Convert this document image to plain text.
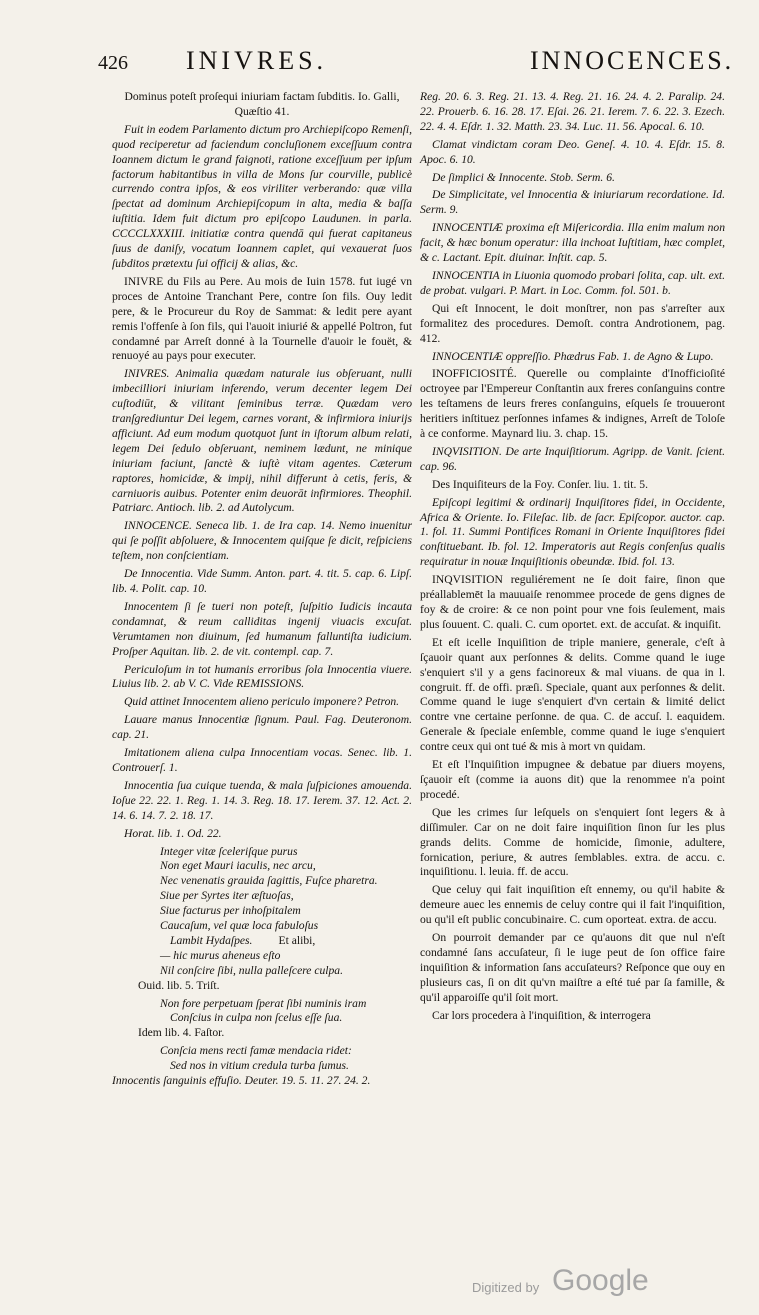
426 INIVRES.	INNOCENCES.

Dominus poteſt proſequi iniuriam factam ſubditis. Io. Galli, Quæſtio 41.

Fuit in eodem Parlamento dictum pro Archiepiſcopo Remenſi, quod reciperetur ad faciendum concluſionem exceſſuum contra Ioannem dictum le grand faignoti, ratione exceſſuum per ipſum factorum habitantibus in villa de Mons ſur courville, publicè currendo contra ipſos, & eos viriliter verberando: quæ villa ſpectat ad dominum Archiepiſcopum in alta, media & baſſa iuſtitia. Idem fuit dictum pro epiſcopo Laudunen. in parla. CCCCLXXXIII. initiatiæ contra quendā qui fuerat capitaneus ſuus de daniſy, vocatum Ioannem caplet, qui vexauerat ſuos ſubditos prætextu ſui officij & alias, &c.

INIVRE du Fils au Pere. Au mois de Iuin 1578. fut iugé vn proces de Antoine Tranchant Pere, contre ſon fils. Ouy ledit pere, & le Procureur du Roy de Sammat: & ledit pere ayant remis l'offenſe à ſon fils, qui l'auoit iniurié & appellé Poltron, fut condamné par Arreſt donné à la Tournelle d'auoir le fouët, & renuoyé au pays pour executer.

INIVRES. Animalia quædam naturale ius obſeruant, nulli imbecilliori iniuriam inferendo, verum decenter legem Dei cuſtodiūt, & vilitant ſeminibus terræ. Quædam vero tranſgrediuntur Dei legem, carnes vorant, & infirmiora iniurijs afficiunt. Ad eum modum quotquot ſunt in iſtorum album relati, legem Dei ſedulo obſeruant, neminem lædunt, ne minique iniuriam faciunt, ſanctè & iuſtè vitam agentes. Cæterum raptores, homicidæ, & impij, nihil differunt à cetis, feris, & carniuoris auibus. Potenter enim deuorāt infirmiores. Theophil. Patriarc. Antioch. lib. 2. ad Autolycum.

INNOCENCE. Seneca lib. 1. de Ira cap. 14. Nemo inuenitur qui ſe poſſit abſoluere, & Innocentem quiſque ſe dicit, reſpiciens teſtem, non conſcientiam.

De Innocentia. Vide Summ. Anton. part. 4. tit. 5. cap. 6. Lipſ. lib. 4. Polit. cap. 10.

Innocentem ſi ſe tueri non poteſt, ſuſpitio Iudicis incauta condamnat, & reum calliditas ingenij viuacis excuſat. Verumtamen non diuinum, ſed humanum falluntiſta iudicium. Proſper Aquitan. lib. 2. de vit. contempl. cap. 7.

Periculoſum in tot humanis erroribus ſola Innocentia viuere. Liuius lib. 2. ab V. C. Vide REMISSIONS.

Quid attinet Innocentem alieno periculo imponere? Petron.

Lauare manus Innocentiæ ſignum. Paul. Fag. Deuteronom. cap. 21.

Imitationem aliena culpa Innocentiam vocas. Senec. lib. 1. Controuerſ. 1.

Innocentia ſua cuique tuenda, & mala ſuſpiciones amouenda. Ioſue 22. 22. 1. Reg. 1. 14. 3. Reg. 18. 17. Ierem. 37. 12. Act. 2. 14. 6. 14. 7. 2. 18. 17.

Horat. lib. 1. Od. 22.

Integer vitæ ſceleriſque purus

Non eget Mauri iaculis, nec arcu,

Nec venenatis grauida ſagittis, Fuſce pharetra.

Siue per Syrtes iter æſtuoſas,

Siue facturus per inhoſpitalem

Caucaſum, vel quæ loca fabuloſus

Lambit Hydaſpes. Et alibi,

— hic murus aheneus eſto

Nil conſcire ſibi, nulla palleſcere culpa.

Ouid. lib. 5. Triſt.

Non fore perpetuam ſperat ſibi numinis iram

Conſcius in culpa non ſcelus eſſe ſua.

Idem lib. 4. Faſtor.

Conſcia mens recti famæ mendacia ridet:

Sed nos in vitium credula turba ſumus.

Innocentis ſanguinis effuſio. Deuter. 19. 5. 11. 27. 24. 2.

Reg. 20. 6. 3. Reg. 21. 13. 4. Reg. 21. 16. 24. 4. 2. Paralip. 24. 22. Prouerb. 6. 16. 28. 17. Eſai. 26. 21. Ierem. 7. 6. 22. 3. Ezech. 22. 4. 4. Eſdr. 1. 32. Matth. 23. 34. Luc. 11. 56. Apocal. 6. 10.

Clamat vindictam coram Deo. Geneſ. 4. 10. 4. Eſdr. 15. 8. Apoc. 6. 10.

De ſimplici & Innocente. Stob. Serm. 6.

De Simplicitate, vel Innocentia & iniuriarum recordatione. Id. Serm. 9.

INNOCENTIÆ proxima eſt Miſericordia. Illa enim malum non facit, & hæc bonum operatur: illa inchoat Iuſtitiam, hæc complet, & c. Lactant. Epit. diuinar. Inſtit. cap. 5.

INNOCENTIA in Liuonia quomodo probari ſolita, cap. ult. ext. de probat. vulgari. P. Mart. in Loc. Comm. fol. 501. b.

Qui eſt Innocent, le doit monſtrer, non pas s'arreſter aux formalitez des procedures. Demoſt. contra Androtionem, pag. 412.

INNOCENTIÆ oppreſſio. Phædrus Fab. 1. de Agno & Lupo.

INOFFICIOSITÉ. Querelle ou complainte d'Inofficioſité octroyee par l'Empereur Conſtantin aux freres conſanguins contre les teſtamens de leurs freres conſanguins, eſquels ſe trouueront heritiers inſtituez perſonnes infames & indignes, Arreſt de Toloſe à ce conforme. Maynard liu. 3. chap. 15.

INQVISITION. De arte Inquiſitiorum. Agripp. de Vanit. ſcient. cap. 96.

Des Inquiſiteurs de la Foy. Conſer. liu. 1. tit. 5.

Epiſcopi legitimi & ordinarij Inquiſitores fidei, in Occidente, Africa & Oriente. Io. Fileſac. lib. de ſacr. Epiſcopor. auctor. cap. 1. fol. 11. Summi Pontifices Romani in Oriente Inquiſitores fidei conſtituebant. Ib. fol. 12. Imperatoris aut Regis conſenſus qualis requiratur in nouæ Inquiſitionis obeundæ. Ibid. fol. 13.

INQVISITION reguliérement ne ſe doit faire, ſinon que préallablemēt la mauuaiſe renommee procede de gens dignes de foy & de croire: & ce non point pour vne fois ſeulement, mais plus ſouuent. C. quali. C. cum oportet. ext. de accuſat. & inquiſit.

Et eſt icelle Inquiſition de triple maniere, generale, c'eſt à ſçauoir quant aux perſonnes & delits. Comme quand le iuge s'enquiert s'il y a gens facinoreux & mal viuans. de qua in l. congruit. ff. de offi. præſi. Speciale, quant aux perſonnes & delit. Comme quand le iuge s'enquiert d'vn certain & limité delict contre vne certaine perſonne. de qua. C. de accuſ. l. eaquidem. Generale & ſpeciale enſemble, comme quand le iuge s'enquiert contre ceux qui ont tué & mis à mort vn quidam.

Et eſt l'Inquiſition impugnee & debatue par diuers moyens, ſçauoir eſt (comme ia auons dit) que la renommee n'a point procedé.

Que les crimes ſur leſquels on s'enquiert ſont legers & à diſſimuler. Car on ne doit faire inquiſition ſinon ſur les plus grands delits. Comme de homicide, ſimonie, adultere, fornication, periure, & autres ſemblables. extra. de accu. c. inquiſitionu. l. leuia. ff. de accu.

Que celuy qui fait inquiſition eſt ennemy, ou qu'il habite & demeure auec les ennemis de celuy contre qui il fait l'inquiſition, ou qu'il eſt public concubinaire. C. cum oporteat. extra. de accu.

On pourroit demander par ce qu'auons dit que nul n'eſt condamné ſans accuſateur, ſi le iuge peut de ſon office faire inquiſition & information ſans accuſateurs? Reſponce que ouy en plusieurs cas, ſi on dit qu'vn maiſtre a eſté tué par ſa famille, & qu'il apparoiſſe qu'il ſoit mort.

Car lors procedera à l'inquiſition, & interrogera

Digitized by Google
